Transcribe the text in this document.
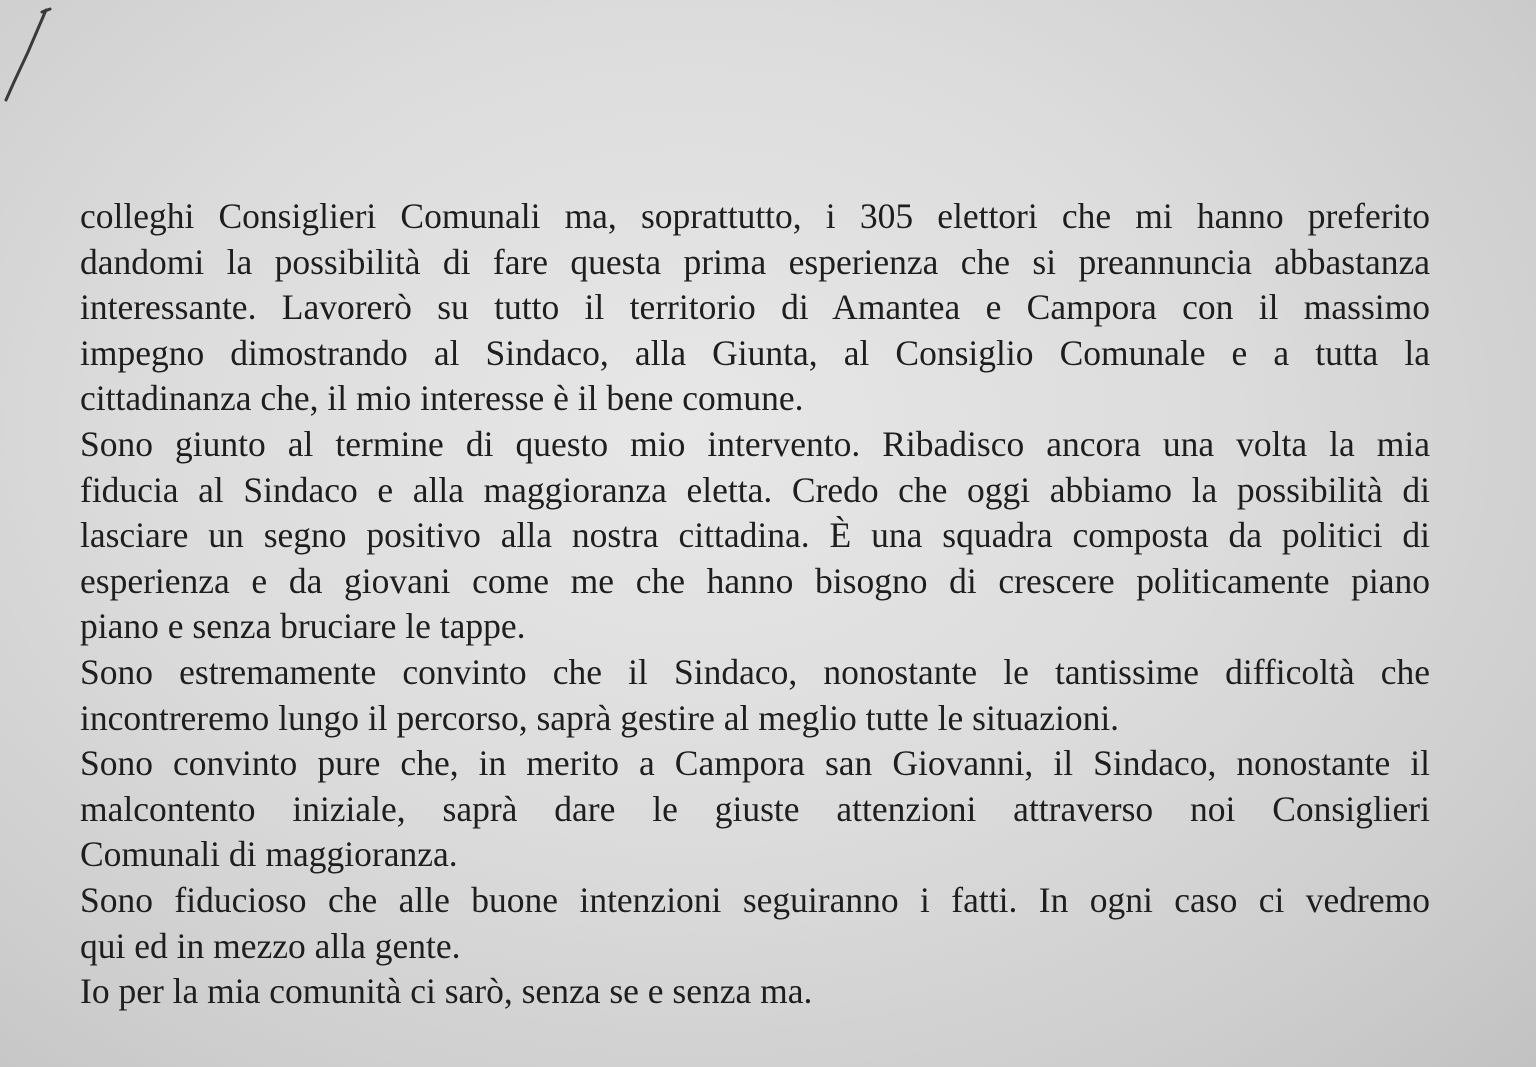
colleghi Consiglieri Comunali ma, soprattutto, i 305 elettori che mi hanno preferito
dandomi la possibilità di fare questa prima esperienza che si preannuncia abbastanza
interessante. Lavorerò su tutto il territorio di Amantea e Campora con il massimo
impegno dimostrando al Sindaco, alla Giunta, al Consiglio Comunale e a tutta la
cittadinanza che, il mio interesse è il bene comune.
Sono giunto al termine di questo mio intervento. Ribadisco ancora una volta la mia
fiducia al Sindaco e alla maggioranza eletta. Credo che oggi abbiamo la possibilità di
lasciare un segno positivo alla nostra cittadina. È una squadra composta da politici di
esperienza e da giovani come me che hanno bisogno di crescere politicamente piano
piano e senza bruciare le tappe.
Sono estremamente convinto che il Sindaco, nonostante le tantissime difficoltà che
incontreremo lungo il percorso, saprà gestire al meglio tutte le situazioni.
Sono convinto pure che, in merito a Campora san Giovanni, il Sindaco, nonostante il
malcontento iniziale, saprà dare le giuste attenzioni attraverso noi Consiglieri
Comunali di maggioranza.
Sono fiducioso che alle buone intenzioni seguiranno i fatti. In ogni caso ci vedremo
qui ed in mezzo alla gente.
Io per la mia comunità ci sarò, senza se e senza ma.
